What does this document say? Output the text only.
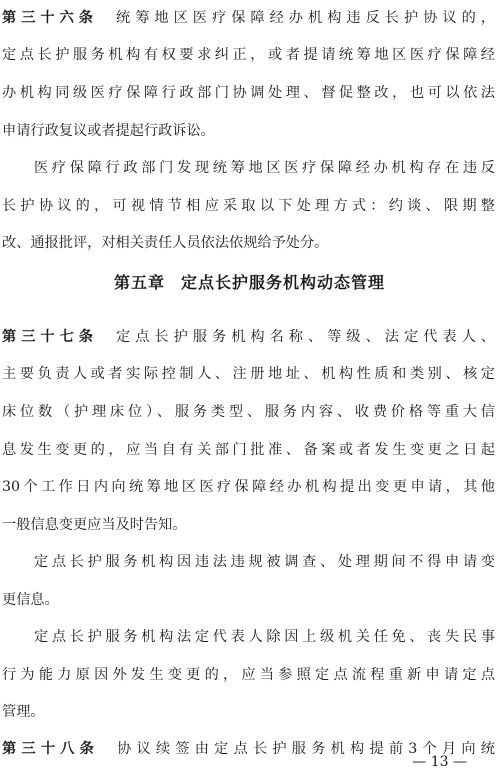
第三十六条 统筹地区医疗保障经办机构违反长护协议的，
定点长护服务机构有权要求纠正，或者提请统筹地区医疗保障经
办机构同级医疗保障行政部门协调处理、督促整改，也可以依法
申请行政复议或者提起行政诉讼。
医疗保障行政部门发现统筹地区医疗保障经办机构存在违反
长护协议的，可视情节相应采取以下处理方式：约谈、限期整
改、通报批评，对相关责任人员依法依规给予处分。
第五章 定点长护服务机构动态管理
第三十七条 定点长护服务机构名称、等级、法定代表人、
主要负责人或者实际控制人、注册地址、机构性质和类别、核定
床位数（护理床位）、服务类型、服务内容、收费价格等重大信
息发生变更的，应当自有关部门批准、备案或者发生变更之日起
30个工作日内向统筹地区医疗保障经办机构提出变更申请，其他
一般信息变更应当及时告知。
定点长护服务机构因违法违规被调查、处理期间不得申请变
更信息。
定点长护服务机构法定代表人除因上级机关任免、丧失民事
行为能力原因外发生变更的，应当参照定点流程重新申请定点
管理。
第三十八条 协议续签由定点长护服务机构提前3个月向统
— 13 —
